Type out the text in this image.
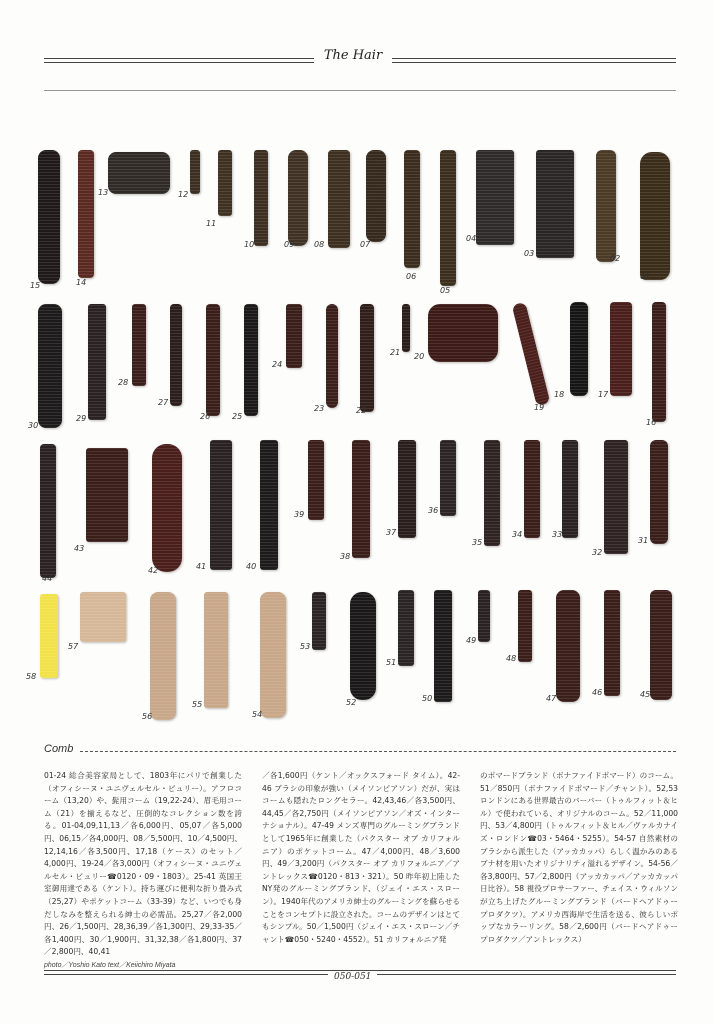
The Hair
01
02
03
04
05
06
07
08
09
10
11
12
13
14
15
16
17
18
19
20
21
22
23
24
25
26
27
28
29
30
31
32
33
34
35
36
37
38
39
40
41
42
43
44
45
46
47
48
49
50
51
52
53
54
55
56
57
58
Comb
01-24 総合美容家局として、1803年にパリで創業した（オフィシーヌ・ユニヴェルセル・ビュリー）。アフロコーム（13,20）や、髭用コーム（19,22-24）、眉毛用コーム（21）を揃えるなど、圧倒的なコレクション数を誇る。01-04,09,11,13／各6,000円、05,07／各5,000円、06,15／各4,000円、08／5,500円、10／4,500円、12,14,16／各3,500円、17,18（ケース）のセット／4,000円、19-24／各3,000円（オフィシーヌ・ユニヴェルセル・ビュリー☎0120・09・1803）。25-41 英国王室御用達である（ケント）。持ち運びに便利な折り畳み式（25,27）やポケットコーム（33-39）など、いつでも身だしなみを整えられる紳士の必需品。25,27／各2,000円、26／1,500円、28,36,39／各1,300円、29,33-35／各1,400円、30／1,900円、31,32,38／各1,800円、37／2,800円、40,41
／各1,600円（ケント／オックスフォード タイム）。42-46 ブラシの印象が強い（メイソンピアソン）だが、実はコームも隠れたロングセラー。42,43,46／各3,500円、44,45／各2,750円（メイソンピアソン／オズ・インターナショナル）。47-49 メンズ専門のグルーミングブランドとして1965年に創業した（パクスター オブ カリフォルニア）のポケットコーム。47／4,000円、48／3,600円、49／3,200円（パクスター オブ カリフォルニア／アントレックス☎0120・813・321）。50 昨年初上陸したNY発のグルーミングブランド、（ジェイ・エス・スローン）。1940年代のアメリカ紳士のグルーミングを蘇らせることをコンセプトに設立された。コームのデザインはとてもシンプル。50／1,500円（ジェイ・エス・スローン／チャント☎050・5240・4552）。51 カリフォルニア発
のポマードブランド（ボナファイドポマード）のコーム。51／850円（ボナファイドポマード／チャント）。52,53 ロンドンにある世界最古のバーバー（トゥルフィット＆ヒル）で使われている、オリジナルのコーム。52／11,000円、53／4,800円（トゥルフィット＆ヒル／ヴァルカナイズ・ロンドン☎03・5464・5255）。54-57 自然素材のブラシから派生した（アッカカッパ）らしく温かみのあるブナ材を用いたオリジナリティ溢れるデザイン。54-56／各3,800円、57／2,800円（アッカカッパ／アッカカッパ日比谷）。58 視役プロサーファー、チェイス・ウィルソンが立ち上げたグルーミングブランド（バードヘアドゥー プロダクツ）。アメリカ西海岸で生活を送る、彼らしいポップなカラーリング。58／2,600円（バードヘアドゥー プロダクツ／アントレックス）
photo／Yoshio Kato text／Keiichiro Miyata
050-051
